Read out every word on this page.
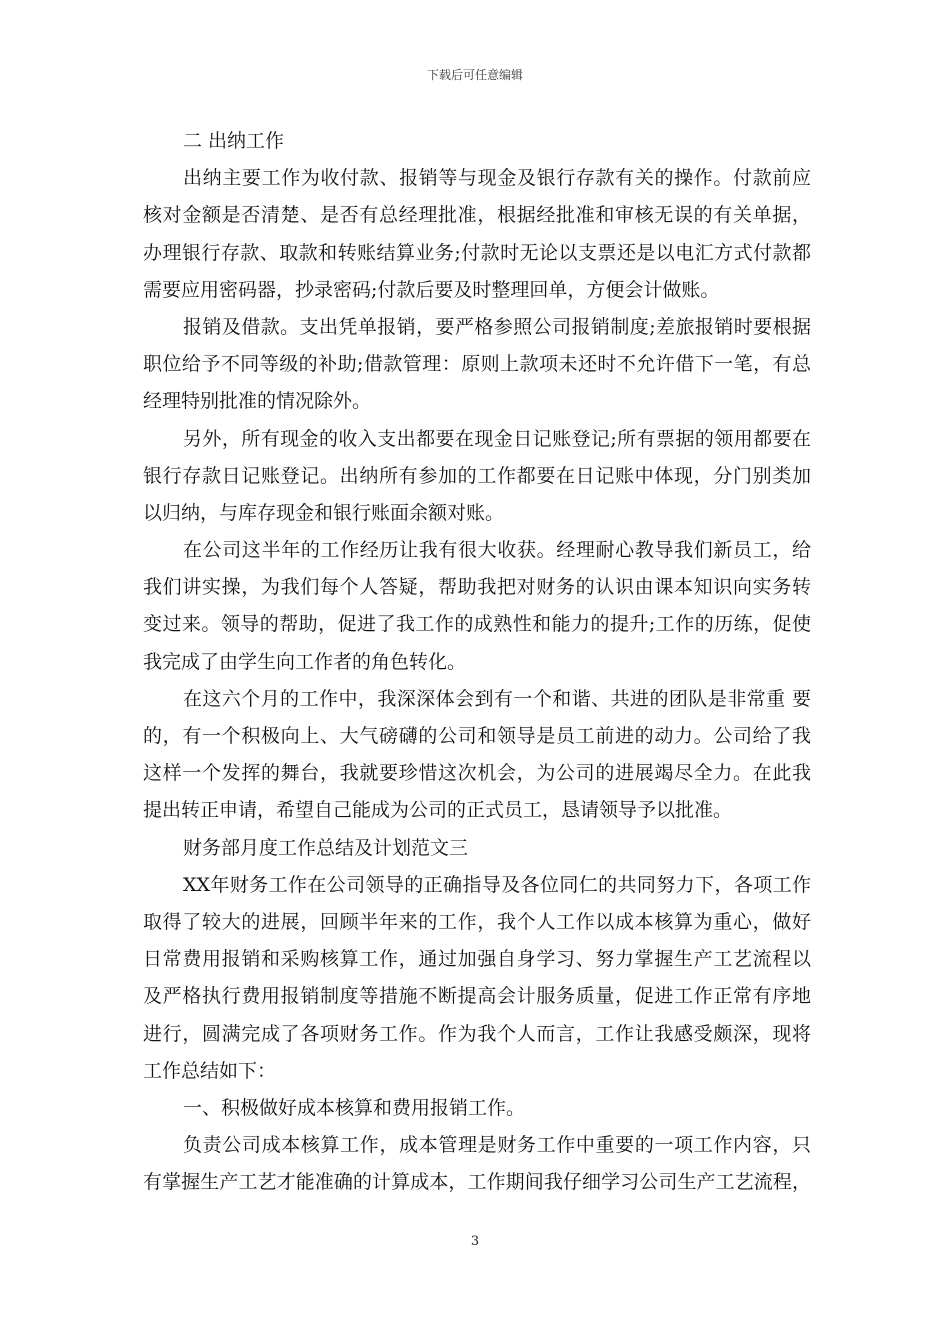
下载后可任意编辑
二 出纳工作
出纳主要工作为收付款、报销等与现金及银行存款有关的操作。付款前应
核对金额是否清楚、是否有总经理批准，根据经批准和审核无误的有关单据，
办理银行存款、取款和转账结算业务;付款时无论以支票还是以电汇方式付款都
需要应用密码器，抄录密码;付款后要及时整理回单，方便会计做账。
报销及借款。支出凭单报销，要严格参照公司报销制度;差旅报销时要根据
职位给予不同等级的补助;借款管理：原则上款项未还时不允许借下一笔，有总
经理特别批准的情况除外。
另外，所有现金的收入支出都要在现金日记账登记;所有票据的领用都要在
银行存款日记账登记。出纳所有参加的工作都要在日记账中体现，分门别类加
以归纳，与库存现金和银行账面余额对账。
在公司这半年的工作经历让我有很大收获。经理耐心教导我们新员工，给
我们讲实操，为我们每个人答疑，帮助我把对财务的认识由课本知识向实务转
变过来。领导的帮助，促进了我工作的成熟性和能力的提升;工作的历练，促使
我完成了由学生向工作者的角色转化。
在这六个月的工作中，我深深体会到有一个和谐、共进的团队是非常重 要
的，有一个积极向上、大气磅礴的公司和领导是员工前进的动力。公司给了我
这样一个发挥的舞台，我就要珍惜这次机会，为公司的进展竭尽全力。在此我
提出转正申请，希望自己能成为公司的正式员工，恳请领导予以批准。
财务部月度工作总结及计划范文三
XX年财务工作在公司领导的正确指导及各位同仁的共同努力下，各项工作
取得了较大的进展，回顾半年来的工作，我个人工作以成本核算为重心，做好
日常费用报销和采购核算工作，通过加强自身学习、努力掌握生产工艺流程以
及严格执行费用报销制度等措施不断提高会计服务质量，促进工作正常有序地
进行，圆满完成了各项财务工作。作为我个人而言，工作让我感受颇深，现将
工作总结如下：
一、积极做好成本核算和费用报销工作。
负责公司成本核算工作，成本管理是财务工作中重要的一项工作内容，只
有掌握生产工艺才能准确的计算成本，工作期间我仔细学习公司生产工艺流程，
3
